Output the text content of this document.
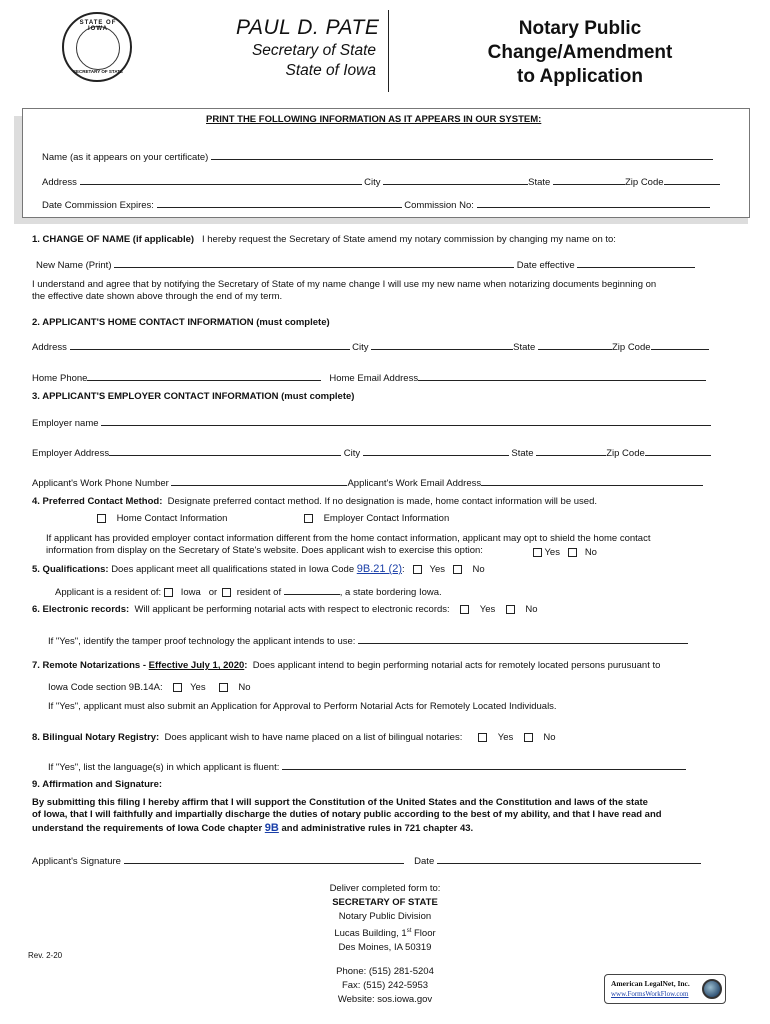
STATE OF IOWA
SECRETARY OF STATE
PAUL D. PATE
Secretary of State
State of Iowa
Notary Public
Change/Amendment
to Application
PRINT THE FOLLOWING INFORMATION AS IT APPEARS IN OUR SYSTEM:
Name (as it appears on your certificate)
Address	City	State	Zip Code
Date Commission Expires:	Commission No:
1. CHANGE OF NAME (if applicable) I hereby request the Secretary of State amend my notary commission by changing my name on to:
New Name (Print)	Date effective
I understand and agree that by notifying the Secretary of State of my name change I will use my new name when notarizing documents beginning on
the effective date shown above through the end of my term.
2. APPLICANT'S HOME CONTACT INFORMATION (must complete)
Address	City	State	Zip Code
Home Phone	Home Email Address
3. APPLICANT'S EMPLOYER CONTACT INFORMATION (must complete)
Employer name
Employer Address	City	State	Zip Code
Applicant's Work Phone Number	Applicant's Work Email Address
4. Preferred Contact Method: Designate preferred contact method. If no designation is made, home contact information will be used.
Home Contact Information	Employer Contact Information
If applicant has provided employer contact information different from the home contact information, applicant may opt to shield the home contact
information from display on the Secretary of State's website. Does applicant wish to exercise this option:	Yes	No
5. Qualifications: Does applicant meet all qualifications stated in Iowa Code 9B.21 (2):	Yes	No
Applicant is a resident of: Iowa or resident of	, a state bordering Iowa.
6. Electronic records: Will applicant be performing notarial acts with respect to electronic records:	Yes	No
If "Yes", identify the tamper proof technology the applicant intends to use:
7. Remote Notarizations - Effective July 1, 2020: Does applicant intend to begin performing notarial acts for remotely located persons purusuant to
Iowa Code section 9B.14A:	Yes	No
If "Yes", applicant must also submit an Application for Approval to Perform Notarial Acts for Remotely Located Individuals.
8. Bilingual Notary Registry: Does applicant wish to have name placed on a list of bilingual notaries:	Yes	No
If "Yes", list the language(s) in which applicant is fluent:
9. Affirmation and Signature:
By submitting this filing I hereby affirm that I will support the Constitution of the United States and the Constitution and laws of the state
of Iowa, that I will faithfully and impartially discharge the duties of notary public according to the best of my ability, and that I have read and
understand the requirements of Iowa Code chapter 9B and administrative rules in 721 chapter 43.
Applicant's Signature	Date
Deliver completed form to:
SECRETARY OF STATE
Notary Public Division
Lucas Building, 1st Floor
Des Moines, IA 50319
Phone: (515) 281-5204
Fax: (515) 242-5953
Website: sos.iowa.gov
Rev. 2-20
American LegalNet, Inc.
www.FormsWorkFlow.com
